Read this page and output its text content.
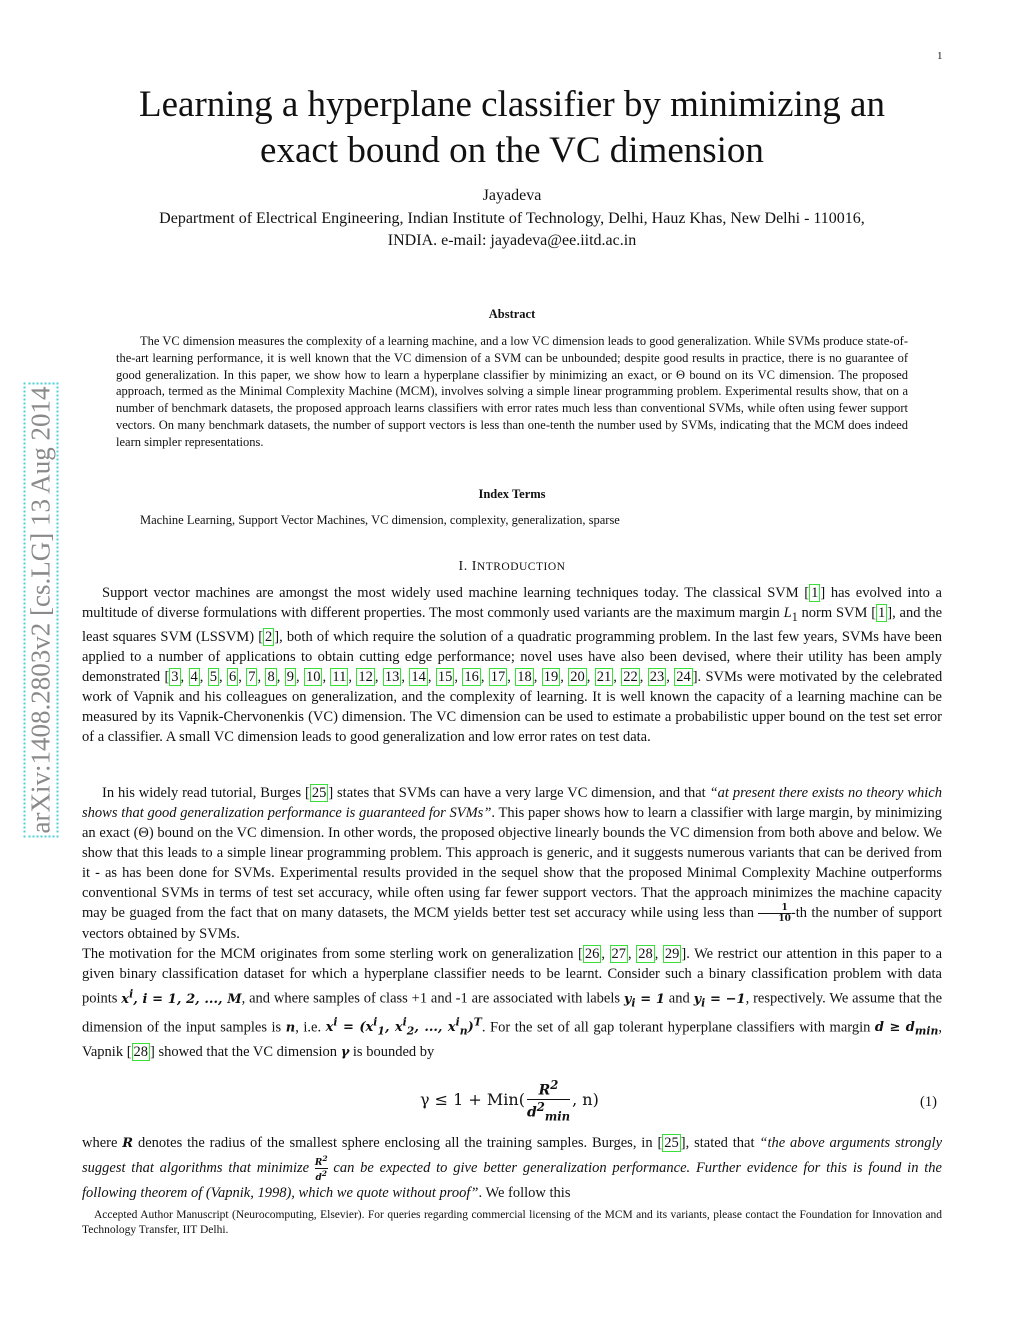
1
Learning a hyperplane classifier by minimizing an
exact bound on the VC dimension
Jayadeva
Department of Electrical Engineering, Indian Institute of Technology, Delhi, Hauz Khas, New Delhi - 110016,
INDIA. e-mail: jayadeva@ee.iitd.ac.in
arXiv:1408.2803v2 [cs.LG] 13 Aug 2014
Abstract

The VC dimension measures the complexity of a learning machine, and a low VC dimension leads to good generalization. While SVMs produce state-of-the-art learning performance, it is well known that the VC dimension of a SVM can be unbounded; despite good results in practice, there is no guarantee of good generalization. In this paper, we show how to learn a hyperplane classifier by minimizing an exact, or Θ bound on its VC dimension. The proposed approach, termed as the Minimal Complexity Machine (MCM), involves solving a simple linear programming problem. Experimental results show, that on a number of benchmark datasets, the proposed approach learns classifiers with error rates much less than conventional SVMs, while often using fewer support vectors. On many benchmark datasets, the number of support vectors is less than one-tenth the number used by SVMs, indicating that the MCM does indeed learn simpler representations.

Index Terms
Machine Learning, Support Vector Machines, VC dimension, complexity, generalization, sparse
I. INTRODUCTION

Support vector machines are amongst the most widely used machine learning techniques today. The classical SVM [ 1 ] has evolved into a multitude of diverse formulations with different properties. The most commonly used variants are the maximum margin $L_1$ norm SVM [ 1 ], and the least squares SVM (LSSVM) [ 2 ], both of which require the solution of a quadratic programming problem. In the last few years, SVMs have been applied to a number of applications to obtain cutting edge performance; novel uses have also been devised, where their utility has been amply demonstrated [ 3 , 4 , 5 , 6 , 7 , 8 , 9 , 10 , 11 , 12 , 13 , 14 , 15 , 16 , 17 , 18 , 19 , 20 , 21 , 22 , 23 , 24 ]. SVMs were motivated by the celebrated work of Vapnik and his colleagues on generalization, and the complexity of learning. It is well known the capacity of a learning machine can be measured by its Vapnik-Chervonenkis (VC) dimension. The VC dimension can be used to estimate a probabilistic upper bound on the test set error of a classifier. A small VC dimension leads to good generalization and low error rates on test data.

In his widely read tutorial, Burges [ 25 ] states that SVMs can have a very large VC dimension, and that “at present there exists no theory which shows that good generalization performance is guaranteed for SVMs”. This paper shows how to learn a classifier with large margin, by minimizing an exact (Θ) bound on the VC dimension. In other words, the proposed objective linearly bounds the VC dimension from both above and below. We show that this leads to a simple linear programming problem. This approach is generic, and it suggests numerous variants that can be derived from it - as has been done for SVMs. Experimental results provided in the sequel show that the proposed Minimal Complexity Machine outperforms conventional SVMs in terms of test set accuracy, while often using far fewer support vectors. That the approach minimizes the machine capacity may be guaged from the fact that on many datasets, the MCM yields better test set accuracy while using less than $\frac{1}{10} -th$ the number of support vectors obtained by SVMs.
The motivation for the MCM originates from some sterling work on generalization [ 26 , 27 , 28 , 29 ]. We restrict our attention in this paper to a given binary classification dataset for which a hyperplane classifier needs to be learnt. Consider such a binary classification problem with data points $x^i$, i = 1, 2, ..., M, and where samples of class +1 and -1 are associated with labels $y_i = 1$ and $y_i = -1$, respectively. We assume that the dimension of the input samples is n, i.e. $x^i = (x^i_1$, $x^i_2$, ..., $x^i_n)^T$. For the set of all gap tolerant hyperplane classifiers with margin $d \ge d_{min}$, Vapnik [ 28 ] showed that the VC dimension γ is bounded by

$\gamma \le 1 + Min( \frac{R^2}{d^2_{min}}$ , n)	(1)

where R denotes the radius of the smallest sphere enclosing all the training samples. Burges, in [ 25 ], stated that “the above arguments strongly suggest that algorithms that minimize $\frac{R^2}{d^2}$ can be expected to give better generalization performance. Further evidence for this is found in the following theorem of (Vapnik, 1998), which we quote without proof”. We follow this

Accepted Author Manuscript (Neurocomputing, Elsevier). For queries regarding commercial licensing of the MCM and its variants, please contact the Foundation for Innovation and Technology Transfer, IIT Delhi.
